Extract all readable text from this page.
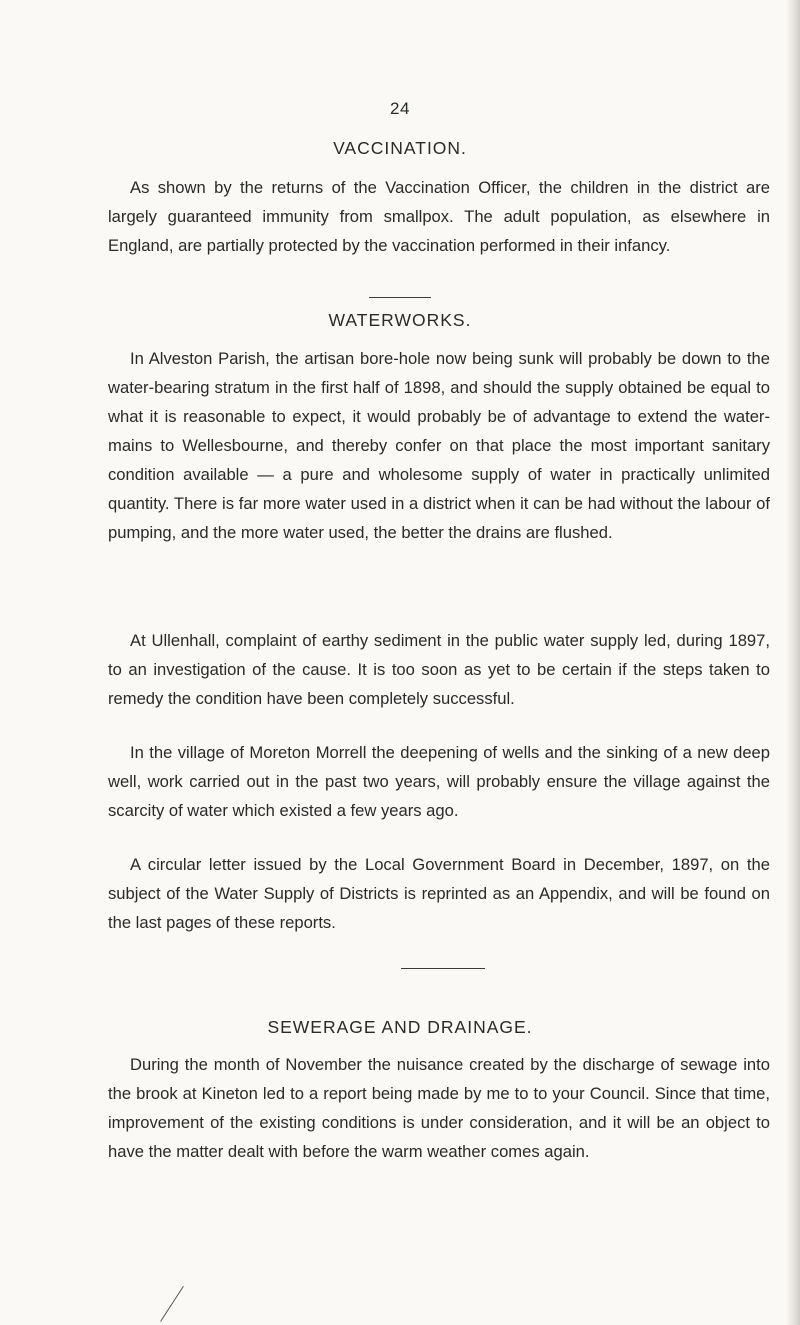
24
VACCINATION.

As shown by the returns of the Vaccination Officer, the children in the district are largely guaranteed immunity from smallpox. The adult population, as elsewhere in England, are partially protected by the vaccination performed in their infancy.

WATERWORKS.

In Alveston Parish, the artisan bore-hole now being sunk will probably be down to the water-bearing stratum in the first half of 1898, and should the supply obtained be equal to what it is reasonable to expect, it would probably be of advantage to extend the water-mains to Wellesbourne, and thereby confer on that place the most important sanitary condition available — a pure and wholesome supply of water in practically unlimited quantity. There is far more water used in a district when it can be had without the labour of pumping, and the more water used, the better the drains are flushed.

At Ullenhall, complaint of earthy sediment in the public water supply led, during 1897, to an investigation of the cause. It is too soon as yet to be certain if the steps taken to remedy the condition have been completely successful.

In the village of Moreton Morrell the deepening of wells and the sinking of a new deep well, work carried out in the past two years, will probably ensure the village against the scarcity of water which existed a few years ago.

A circular letter issued by the Local Government Board in December, 1897, on the subject of the Water Supply of Districts is reprinted as an Appendix, and will be found on the last pages of these reports.

SEWERAGE AND DRAINAGE.

During the month of November the nuisance created by the discharge of sewage into the brook at Kineton led to a report being made by me to to your Council. Since that time, improvement of the existing conditions is under consideration, and it will be an object to have the matter dealt with before the warm weather comes again.
